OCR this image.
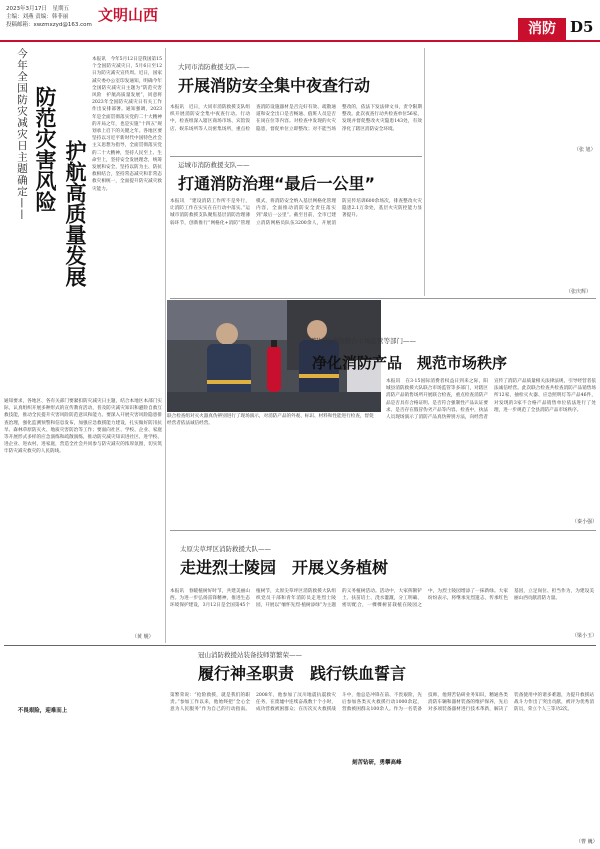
2023年3月17日　星期五
主编：刘燕 责编：韩菲丽
投稿邮箱：xwzmxzyd@163.com
文明山西
消防 D5
今年全国防灾减灾日主题确定—— 防范灾害风险 护航高质量发展
本报讯　今年5月12日是我国第15个全国防灾减灾日，5月6日至12日为防灾减灾宣传周。近日，国家减灾委办公室印发通知，明确今年全国防灾减灾日主题为“防范灾害风险　护航高质量发展”，同意将2023年全国防灾减灾日有关工作作出安排部署。通知强调，2023年是全面贯彻落实党的二十大精神的开局之年，也是实施“十四五”规划承上启下的关键之年。各地区要坚持以习近平新时代中国特色社会主义思想为指导，全面贯彻落实党的二十大精神，坚持人民至上、生命至上，坚持安全发展理念，统筹发展和安全，坚持以防为主、防抗救相结合，坚持常态减灾和非常态救灾相统一，全面提升防灾减灾救灾能力。
通知要求，各地区、各有关部门要紧扣防灾减灾日主题，结合本地区本部门实际，认真组织开展多种形式的宣传教育活动，普及防灾减灾知识和避险自救互救技能，推动全民提升灾害风险防范意识和能力。要深入开展灾害风险隐患排查治理，强化监测预警和信息发布，加强应急救援能力建设，扎实做好防汛抗旱、森林草原防灭火、地质灾害防治等工作；要面向社区、学校、企业、家庭等开展形式多样的应急演练和疏散演练，推动防灾减灾知识进社区、进学校、进企业、进农村、进家庭，营造全社会共同参与防灾减灾的浓厚氛围，切实筑牢防灾减灾救灾的人民防线。
（黄 舰）
大同市消防救援支队——
开展消防安全集中夜查行动
本报讯　近日，大同市消防救援支队组织开展消防安全集中夜查行动。行动中，检查组深入辖区商场市场、宾馆饭店、娱乐场所等人员密集场所，重点检查消防设施器材是否完好有效、疏散通道和安全出口是否畅通、值班人员是否在岗在位等内容。对检查中发现的火灾隐患，督促单位立即整改；对不能当场整改的，依法下发法律文书，责令限期整改。此次夜查行动共检查单位56家，发现并督促整改火灾隐患143处，有效净化了辖区消防安全环境。
运城市消防救援支队——
打通消防治理“最后一公里”
本报讯　“建设消防工作所不是外行，让消防工作在实实在在行动中落实。”运城市消防救援支队聚焦基层消防治理薄弱环节，创新推行“网格化+消防”管理模式，将消防安全纳入基层网格化管理内容，全面推动消防安全责任落实到“最后一公里”。截至目前，全市已建立消防网格员队伍3200余人，开展消防宣传培训600余场次，排查整改火灾隐患2.1万余处，基层火灾防控能力显著提升。
（张 旭）
（张庆辉）
联合检查组对灭火器真伪辨别进行了现场演示，对消防产品的外观、标识、材料和性能进行检查，督促经营者依法诚信经营。
阳城县消防联合市场监管等部门——
净化消防产品　规范市场秩序
本报讯　在3·15国际消费者权益日到来之际，阳城县消防救援大队联合市场监管等多部门，对辖区消防产品销售场所开展联合检查，重点检查消防产品是否具有合格证明、是否符合强制性产品认证要求、是否存在假冒伪劣产品等内容。检查中，执法人员现场演示了消防产品真伪辨别方法，向经营者宣传了消防产品质量相关法律法规，引导经营者依法诚信经营。此次联合检查共检查消防产品销售场所12家，抽检灭火器、应急照明灯等产品46件，对发现的3家不合格产品销售单位依法进行了处理，进一步规范了全县消防产品市场秩序。
（秦小强）
太原尖草坪区消防救援大队——
走进烈士陵园　开展义务植树
本报讯　春暖植树好时节，共建美丽山西。为进一步弘扬雷锋精神，推进生态环境保护建设，3月12日是全国第45个植树节，太原尖草坪区消防救援大队组织党员干部和青年消防员走进烈士陵园，开展以“缅怀先烈·植树添绿”为主题的义务植树活动。活动中，大家挥锹铲土、扶苗培土、浇水灌溉，分工明确、密切配合，一棵棵树苗栽植在陵园之中，为烈士陵园增添了一抹新绿。大家纷纷表示，将继承先烈遗志，传承红色基因，立足岗位、担当作为，为建设美丽山西贡献消防力量。
（梁小玉）
冠山消防救援站装备技师第繁荣——
履行神圣职责　践行铁血誓言
不畏艰险，迎难而上
第繁荣说：“抢险救援，就是我们的职责。”参加工作以来，他始终把“全心全意为人民服务”作为自己的行动指南。2008年，他参加了汶川地震抗震救灾任务，在废墟中连续奋战数十个小时，成功营救被困群众；在历次灭火救援战斗中，他总是冲锋在前、不畏艰险，先后参加各类灭火救援行动1000余起，营救被困群众100余人。作为一名装备技师，他刻苦钻研业务知识，精通各类消防车辆和器材装备的维护保养，先后对多项装备器材进行技术革新，解决了装备使用中的诸多难题，为提升救援站战斗力作出了突出贡献，被评为优秀消防员，荣立个人三等功2次。
刻苦钻研，勇攀高峰
（曹 巍）
